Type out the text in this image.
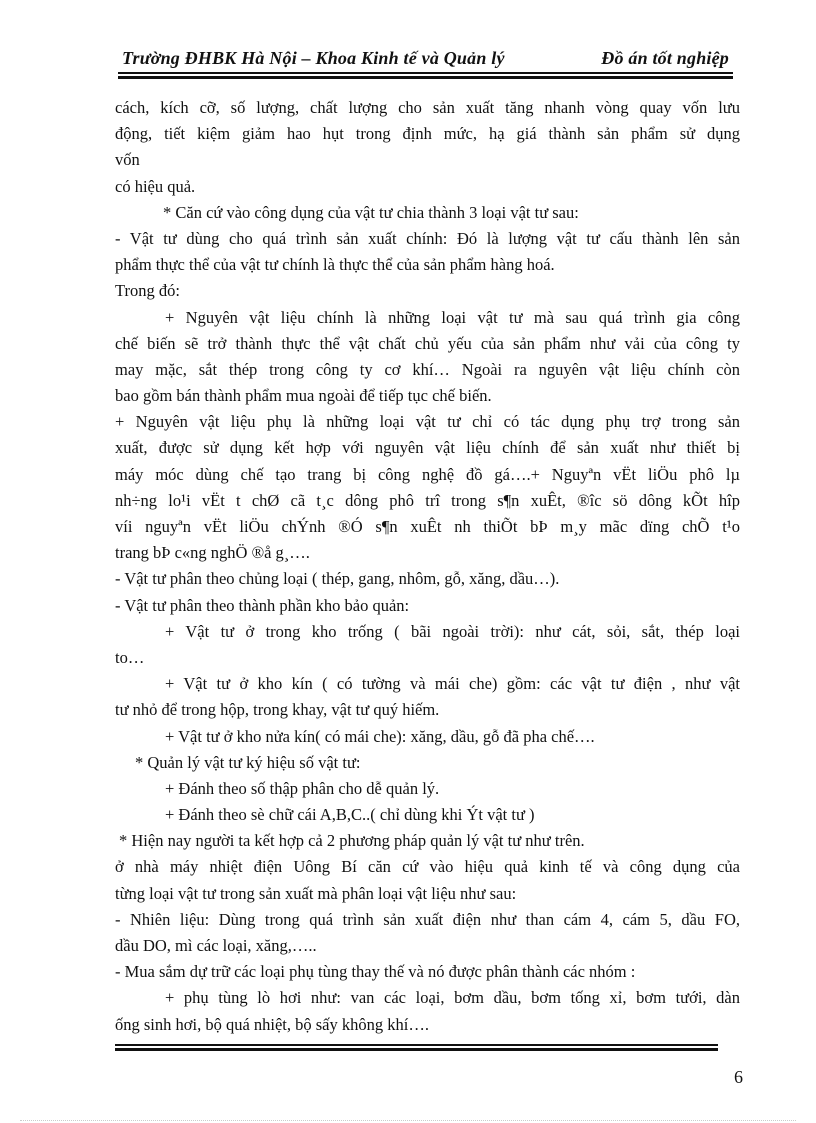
Trường ĐHBK Hà Nội – Khoa Kinh tế và Quản lý	Đồ án tốt nghiệp
cách, kích cỡ, số lượng, chất lượng cho sản xuất tăng nhanh vòng quay vốn lưu
động, tiết kiệm giảm hao hụt trong định mức, hạ giá thành sản phẩm sử dụng
vốn
có hiệu quả.
* Căn cứ vào công dụng của vật tư chia thành 3 loại vật tư sau:
- Vật tư dùng cho quá trình sản xuất chính: Đó là lượng vật tư cấu thành lên sản
phẩm thực thể của vật tư chính là thực thể của sản phẩm hàng hoá.
Trong đó:
+ Nguyên vật liệu chính là những loại vật tư mà sau quá trình gia công
chế biến sẽ trở thành thực thể vật chất chủ yếu của sản phẩm như vải của công ty
may mặc, sắt thép trong công ty cơ khí… Ngoài ra nguyên vật liệu chính còn
bao gồm bán thành phẩm mua ngoài để tiếp tục chế biến.
+ Nguyên vật liệu phụ là những loại vật tư chỉ có tác dụng phụ trợ trong sản
xuất, được sử dụng kết hợp với nguyên vật liệu chính để sản xuất như thiết bị
máy móc dùng chế tạo trang bị công nghệ đồ gá….+ Nguyªn vËt liÖu phô lµ
nh÷ng lo¹i vËt t chØ cã t¸c dông phô trî trong s¶n xuÊt, ®îc sö dông kÕt hîp
víi nguyªn vËt liÖu chÝnh ®Ó s¶n xuÊt nh thiÕt bÞ m¸y mãc dïng chÕ t¹o
trang bÞ c«ng nghÖ ®å g¸….
- Vật tư phân theo chủng loại ( thép, gang, nhôm, gỗ, xăng, dầu…).
- Vật tư phân theo thành phần kho bảo quản:
+ Vật tư ở trong kho trống ( bãi ngoài trời): như cát, sỏi, sắt, thép loại
to…
+ Vật tư ở kho kín ( có tường và mái che) gồm: các vật tư điện , như vật
tư nhỏ để trong hộp, trong khay, vật tư quý hiếm.
+ Vật tư ở kho nửa kín( có mái che): xăng, dầu, gỗ đã pha chế….
* Quản lý vật tư ký hiệu số vật tư:
+ Đánh theo số thập phân cho dễ quản lý.
+ Đánh theo sè chữ cái A,B,C..( chỉ dùng khi Ýt vật tư )
* Hiện nay người ta kết hợp cả 2 phương pháp quản lý vật tư như trên.
ở nhà máy nhiệt điện Uông Bí căn cứ vào hiệu quả kinh tế và công dụng của
từng loại vật tư trong sản xuất mà phân loại vật liệu như sau:
- Nhiên liệu: Dùng trong quá trình sản xuất điện như than cám 4, cám 5, dầu FO,
dầu DO, mì các loại, xăng,…..
- Mua sắm dự trữ các loại phụ tùng thay thế và nó được phân thành các nhóm :
+ phụ tùng lò hơi như: van các loại, bơm dầu, bơm tống xỉ, bơm tưới, dàn
ống sinh hơi, bộ quá nhiệt, bộ sấy không khí….
6
